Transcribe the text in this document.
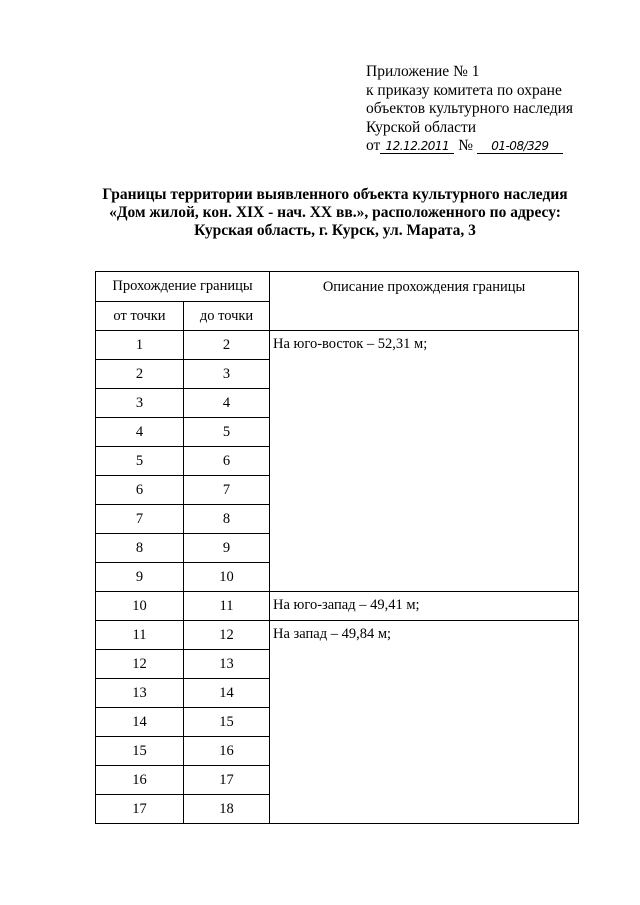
Приложение № 1
к приказу комитета по охране
объектов культурного наследия
Курской области
от 12.12.2011 № 01-08/329
Границы территории выявленного объекта культурного наследия
«Дом жилой, кон. XIX - нач. XX вв.», расположенного по адресу:
Курская область, г. Курск, ул. Марата, 3
Прохождение границы		Описание прохождения границы
от точки	до точки	
1	2	На юго-восток – 52,31 м;
2	3	
3	4	
4	5	
5	6	
6	7	
7	8	
8	9	
9	10	
10	11	На юго-запад – 49,41 м;
11	12	На запад – 49,84 м;
12	13	
13	14	
14	15	
15	16	
16	17	
17	18	
